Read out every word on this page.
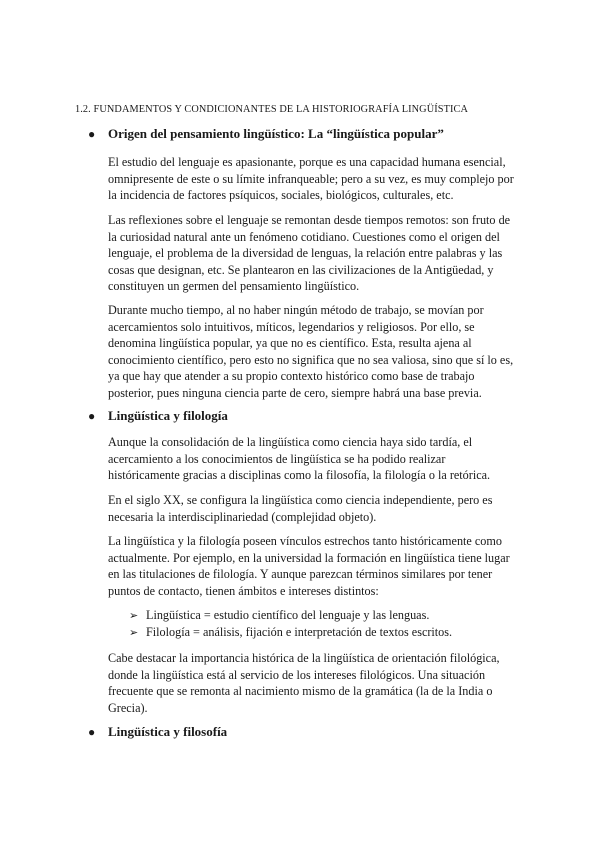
1.2. FUNDAMENTOS Y CONDICIONANTES DE LA HISTORIOGRAFÍA LINGÜÍSTICA
● Origen del pensamiento lingüístico: La “lingüística popular”

El estudio del lenguaje es apasionante, porque es una capacidad humana esencial, omnipresente de este o su límite infranqueable; pero a su vez, es muy complejo por la incidencia de factores psíquicos, sociales, biológicos, culturales, etc.

Las reflexiones sobre el lenguaje se remontan desde tiempos remotos: son fruto de la curiosidad natural ante un fenómeno cotidiano. Cuestiones como el origen del lenguaje, el problema de la diversidad de lenguas, la relación entre palabras y las cosas que designan, etc. Se plantearon en las civilizaciones de la Antigüedad, y constituyen un germen del pensamiento lingüístico.

Durante mucho tiempo, al no haber ningún método de trabajo, se movían por acercamientos solo intuitivos, míticos, legendarios y religiosos. Por ello, se denomina lingüística popular, ya que no es científico. Esta, resulta ajena al conocimiento científico, pero esto no significa que no sea valiosa, sino que sí lo es, ya que hay que atender a su propio contexto histórico como base de trabajo posterior, pues ninguna ciencia parte de cero, siempre habrá una base previa.

● Lingüística y filología

Aunque la consolidación de la lingüística como ciencia haya sido tardía, el acercamiento a los conocimientos de lingüística se ha podido realizar históricamente gracias a disciplinas como la filosofía, la filología o la retórica.

En el siglo XX, se configura la lingüística como ciencia independiente, pero es necesaria la interdisciplinariedad (complejidad objeto).

La lingüística y la filología poseen vínculos estrechos tanto históricamente como actualmente. Por ejemplo, en la universidad la formación en lingüística tiene lugar en las titulaciones de filología. Y aunque parezcan términos similares por tener puntos de contacto, tienen ámbitos e intereses distintos:

➢ Lingüística = estudio científico del lenguaje y las lenguas.
➢ Filología = análisis, fijación e interpretación de textos escritos.

Cabe destacar la importancia histórica de la lingüística de orientación filológica, donde la lingüística está al servicio de los intereses filológicos. Una situación frecuente que se remonta al nacimiento mismo de la gramática (la de la India o Grecia).

● Lingüística y filosofía
